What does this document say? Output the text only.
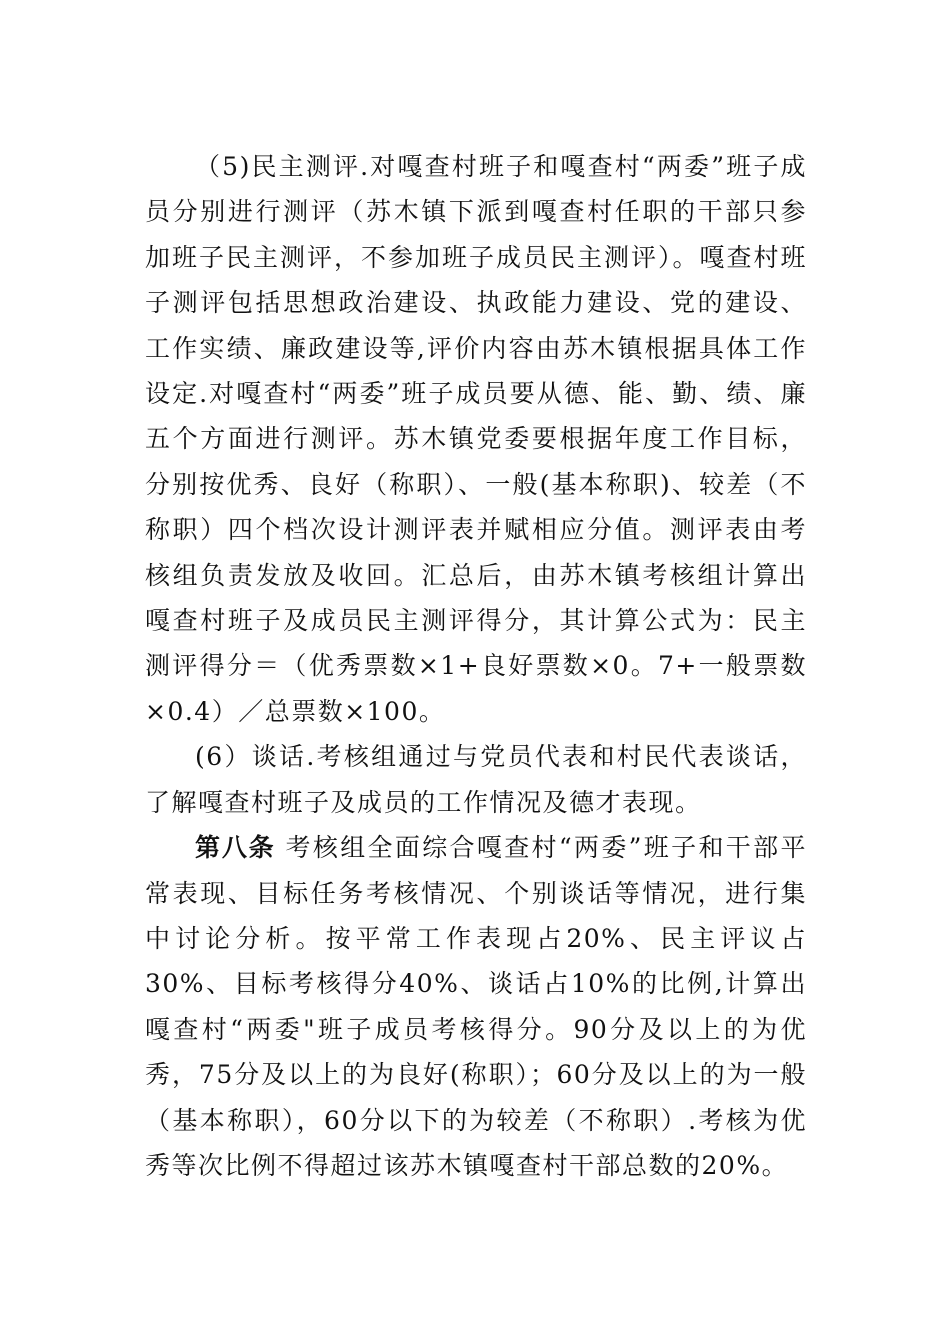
（5)民主测评.对嘎查村班子和嘎查村“两委”班子成员分别进行测评（苏木镇下派到嘎查村任职的干部只参加班子民主测评，不参加班子成员民主测评）。嘎查村班子测评包括思想政治建设、执政能力建设、党的建设、工作实绩、廉政建设等,评价内容由苏木镇根据具体工作设定.对嘎查村“两委”班子成员要从德、能、勤、绩、廉五个方面进行测评。苏木镇党委要根据年度工作目标，分别按优秀、良好（称职）、一般(基本称职)、较差（不称职）四个档次设计测评表并赋相应分值。测评表由考核组负责发放及收回。汇总后，由苏木镇考核组计算出嘎查村班子及成员民主测评得分，其计算公式为：民主测评得分＝（优秀票数×1+良好票数×0。7+一般票数×0.4）／总票数×100。

(6）谈话.考核组通过与党员代表和村民代表谈话，了解嘎查村班子及成员的工作情况及德才表现。

第八条 考核组全面综合嘎查村“两委”班子和干部平常表现、目标任务考核情况、个别谈话等情况，进行集中讨论分析。按平常工作表现占20%、民主评议占30%、目标考核得分40%、谈话占10%的比例,计算出嘎查村“两委"班子成员考核得分。90分及以上的为优秀，75分及以上的为良好(称职）；60分及以上的为一般（基本称职），60分以下的为较差（不称职）.考核为优秀等次比例不得超过该苏木镇嘎查村干部总数的20%。
